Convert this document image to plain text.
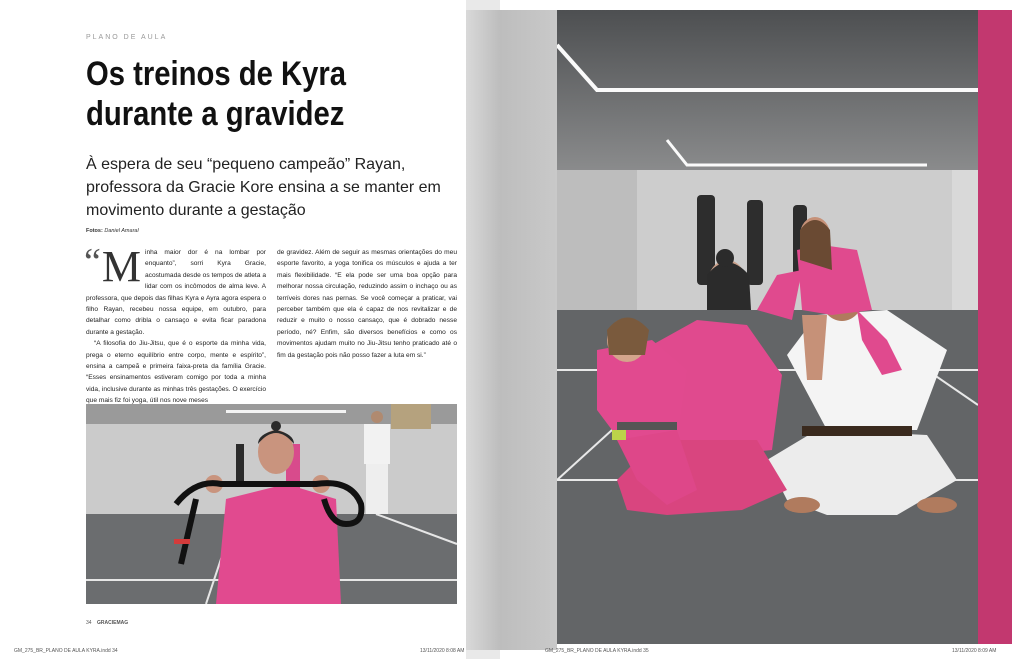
PLANO DE AULA
Os treinos de Kyra durante a gravidez
À espera de seu “pequeno campeão” Rayan, professora da Gracie Kore ensina a se manter em movimento durante a gestação
Fotos: Daniel Amaral
“ M inha maior dor é na lombar por enquanto”, sorri Kyra Gracie, acostumada desde os tempos de atleta a lidar com os incômodos de alma leve. A professora, que depois das filhas Kyra e Ayra agora espera o filho Rayan, recebeu nossa equipe, em outubro, para detalhar como dribla o cansaço e evita ficar paradona durante a gestação.

“A filosofia do Jiu-Jitsu, que é o esporte da minha vida, prega o eterno equilíbrio entre corpo, mente e espírito”, ensina a campeã e primeira faixa-preta da família Gracie. “Esses ensinamentos estiveram comigo por toda a minha vida, inclusive durante as minhas três gestações. O exercício que mais fiz foi yoga, útil nos nove meses

de gravidez. Além de seguir as mesmas orientações do meu esporte favorito, a yoga tonifica os músculos e ajuda a ter mais flexibilidade. “E ela pode ser uma boa opção para melhorar nossa circulação, reduzindo assim o inchaço ou as terríveis dores nas pernas. Se você começar a praticar, vai perceber também que ela é capaz de nos revitalizar e de reduzir e muito o nosso cansaço, que é dobrado nesse período, né? Enfim, são diversos benefícios e como os movimentos ajudam muito no Jiu-Jitsu tenho praticado até o fim da gestação pois não posso fazer a luta em si.”

34 GRACIEMAG
GM_275_BR_PLANO DE AULA KYRA.indd 34	13/11/2020 8:08 AM	GM_275_BR_PLANO DE AULA KYRA.indd 35	13/11/2020 8:09 AM
